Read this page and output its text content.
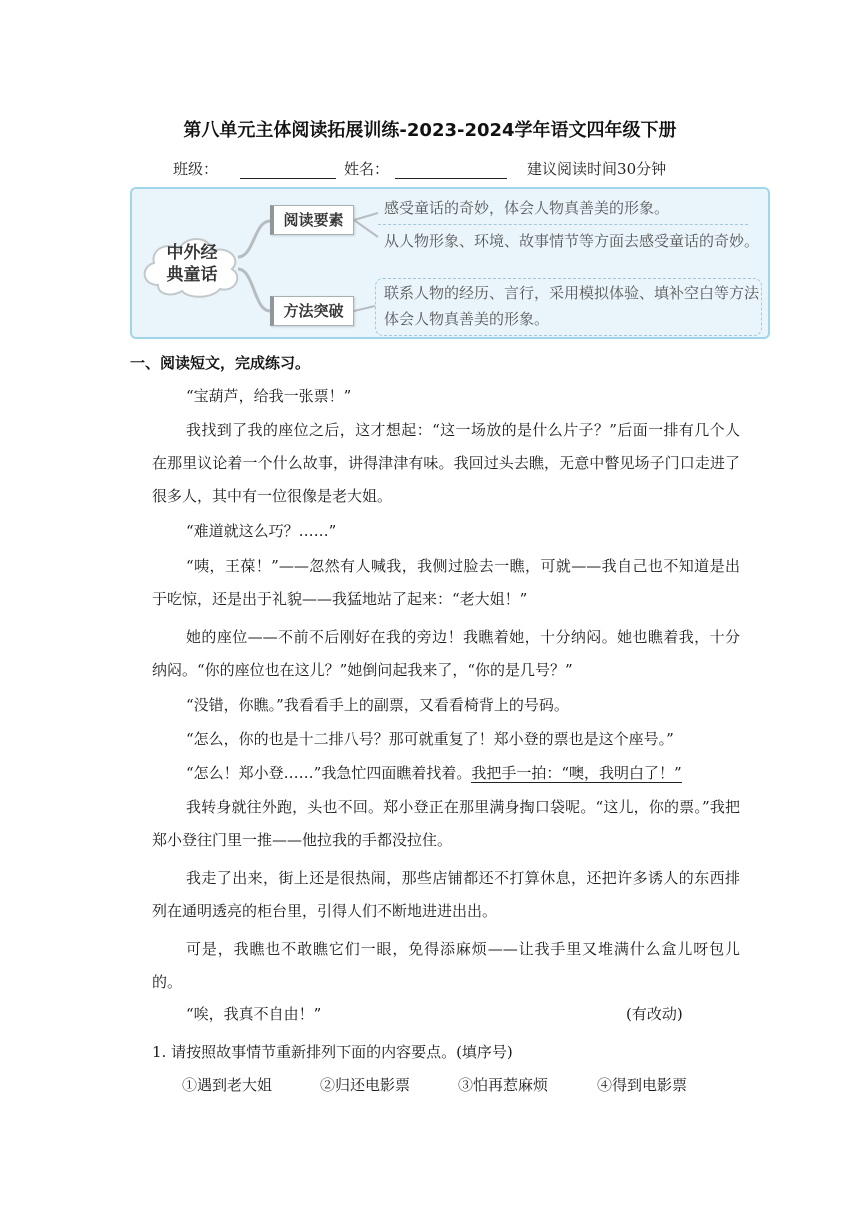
第八单元主体阅读拓展训练-2023-2024学年语文四年级下册
班级：	姓名：	建议阅读时间30分钟
中外经
典童话
阅读要素
方法突破
感受童话的奇妙，体会人物真善美的形象。
从人物形象、环境、故事情节等方面去感受童话的奇妙。
联系人物的经历、言行，采用模拟体验、填补空白等方法体会人物真善美的形象。
一、阅读短文，完成练习。
“宝葫芦，给我一张票！”
我找到了我的座位之后，这才想起：“这一场放的是什么片子？”后面一排有几个人在那里议论着一个什么故事，讲得津津有味。我回过头去瞧，无意中瞥见场子门口走进了很多人，其中有一位很像是老大姐。
“难道就这么巧？……”
“咦，王葆！”——忽然有人喊我，我侧过脸去一瞧，可就——我自己也不知道是出于吃惊，还是出于礼貌——我猛地站了起来：“老大姐！”
她的座位——不前不后刚好在我的旁边！我瞧着她，十分纳闷。她也瞧着我，十分纳闷。“你的座位也在这儿？”她倒问起我来了，“你的是几号？”
“没错，你瞧。”我看看手上的副票，又看看椅背上的号码。
“怎么，你的也是十二排八号？那可就重复了！郑小登的票也是这个座号。”
“怎么！郑小登……”我急忙四面瞧着找着。我把手一拍：“噢，我明白了！”
我转身就往外跑，头也不回。郑小登正在那里满身掏口袋呢。“这儿，你的票。”我把郑小登往门里一推——他拉我的手都没拉住。
我走了出来，街上还是很热闹，那些店铺都还不打算休息，还把许多诱人的东西排列在通明透亮的柜台里，引得人们不断地进进出出。
可是，我瞧也不敢瞧它们一眼，免得添麻烦——让我手里又堆满什么盒儿呀包儿的。
“唉，我真不自由！”	(有改动)
1. 请按照故事情节重新排列下面的内容要点。(填序号)
①遇到老大姐	②归还电影票	③怕再惹麻烦	④得到电影票
